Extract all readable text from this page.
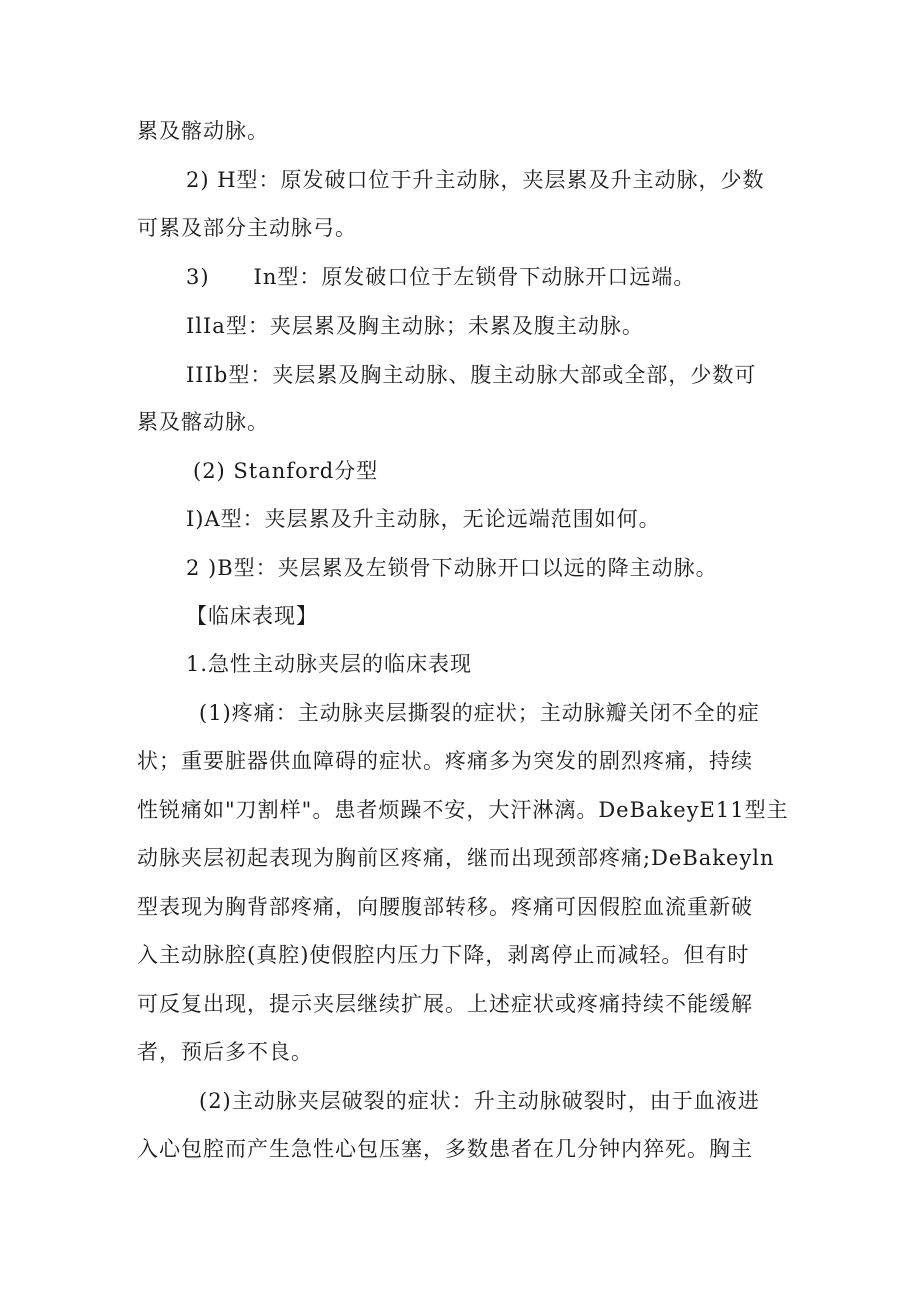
累及髂动脉。
2) H型：原发破口位于升主动脉，夹层累及升主动脉，少数
可累及部分主动脉弓。
3)　　In型：原发破口位于左锁骨下动脉开口远端。
IlIa型：夹层累及胸主动脉；未累及腹主动脉。
IIIb型：夹层累及胸主动脉、腹主动脉大部或全部，少数可
累及髂动脉。
(2) Stanford分型
I)A型：夹层累及升主动脉，无论远端范围如何。
2 )B型：夹层累及左锁骨下动脉开口以远的降主动脉。
【临床表现】
1.急性主动脉夹层的临床表现
(1)疼痛：主动脉夹层撕裂的症状；主动脉瓣关闭不全的症
状；重要脏器供血障碍的症状。疼痛多为突发的剧烈疼痛，持续
性锐痛如"刀割样"。患者烦躁不安，大汗淋漓。DeBakeyE11型主
动脉夹层初起表现为胸前区疼痛，继而出现颈部疼痛;DeBakeyln
型表现为胸背部疼痛，向腰腹部转移。疼痛可因假腔血流重新破
入主动脉腔(真腔)使假腔内压力下降，剥离停止而减轻。但有时
可反复出现，提示夹层继续扩展。上述症状或疼痛持续不能缓解
者，预后多不良。
(2)主动脉夹层破裂的症状：升主动脉破裂时，由于血液进
入心包腔而产生急性心包压塞，多数患者在几分钟内猝死。胸主
